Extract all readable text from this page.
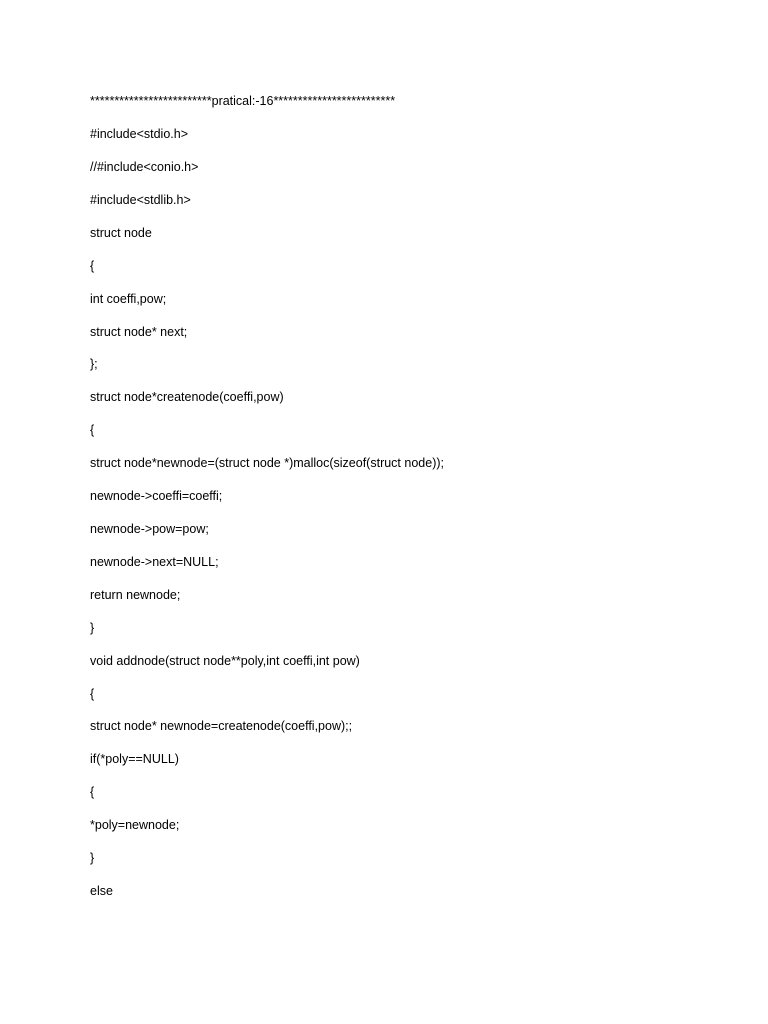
*************************pratical:-16*************************
#include<stdio.h>
//#include<conio.h>
#include<stdlib.h>
struct node
{
int coeffi,pow;
struct node* next;
};
struct node*createnode(coeffi,pow)
{
struct node*newnode=(struct node *)malloc(sizeof(struct node));
newnode->coeffi=coeffi;
newnode->pow=pow;
newnode->next=NULL;
return newnode;
}
void addnode(struct node**poly,int coeffi,int pow)
{
struct node* newnode=createnode(coeffi,pow);;
if(*poly==NULL)
{
*poly=newnode;
}
else
